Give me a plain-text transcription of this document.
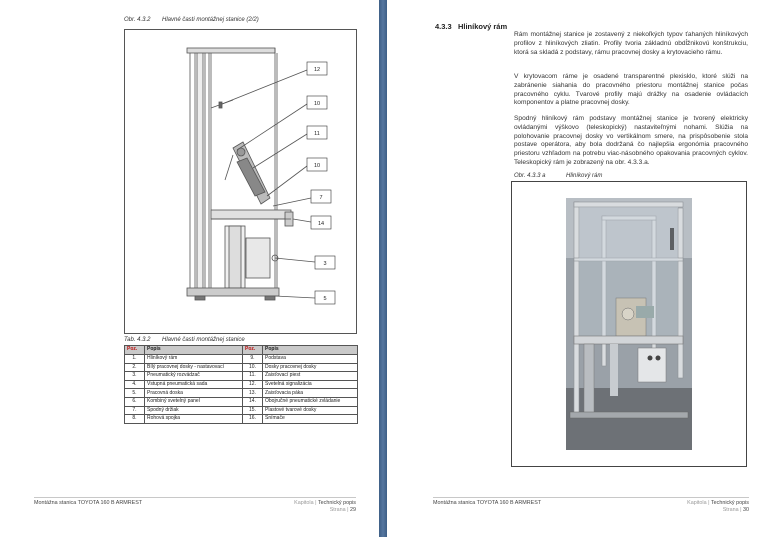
Obr. 4.3.2 Hlavné časti montážnej stanice (2/2)
12
10
11
10
7
14
3
5
Tab. 4.3.2 Hlavné časti montážnej stanice
Poz.	Popis	Poz.	Popis
1.	Hliníkový rám	9.	Podstava
2.	Bílý pracovnej dosky - nastavovací	10.	Dosky pracovnej dosky
3.	Pneumatický rozvádzač	11.	Zaisťovací piest
4.	Vstupná pneumatická sada	12.	Svetelná signalizácia
5.	Pracovná doska	13.	Zaisťovacia páka
6.	Kombiný svetelný panel	14.	Obojručné pneumatické zvládanie
7.	Spodný držiak	15.	Plastové tvarové dosky
8.	Rohová spojka	16.	Snímače
Montážna stanica TOYOTA 160 B ARMREST	Kapitola | Technický popis
Strana | 29
4.3.3 Hliníkový rám
Rám montážnej stanice je zostavený z niekoľkých typov ťahaných hliníkových profilov z hliníkových zliatin. Profily tvoria základnú obdĺžnikovú konštrukciu, ktorá sa skladá z podstavy, rámu pracovnej dosky a krytovacieho rámu.
V krytovacom ráme je osadené transparentné plexisklo, ktoré slúži na zabránenie siahania do pracovného priestoru montážnej stanice počas pracovného cyklu. Tvarové profily majú drážky na osadenie ovládacích komponentov a platne pracovnej dosky.
Spodný hliníkový rám podstavy montážnej stanice je tvorený elektricky ovládanými výškovo (teleskopický) nastaviteľnými nohami. Slúžia na polohovanie pracovnej dosky vo vertikálnom smere, na prispôsobenie stola postave operátora, aby bola dodržaná čo najlepšia ergonómia pracovného priestoru vzhľadom na potrebu viac-násobného opakovania pracovných cyklov. Teleskopický rám je zobrazený na obr. 4.3.3.a.
Obr. 4.3.3 a	Hliníkový rám
Montážna stanica TOYOTA 160 B ARMREST	Kapitola | Technický popis
Strana | 30
